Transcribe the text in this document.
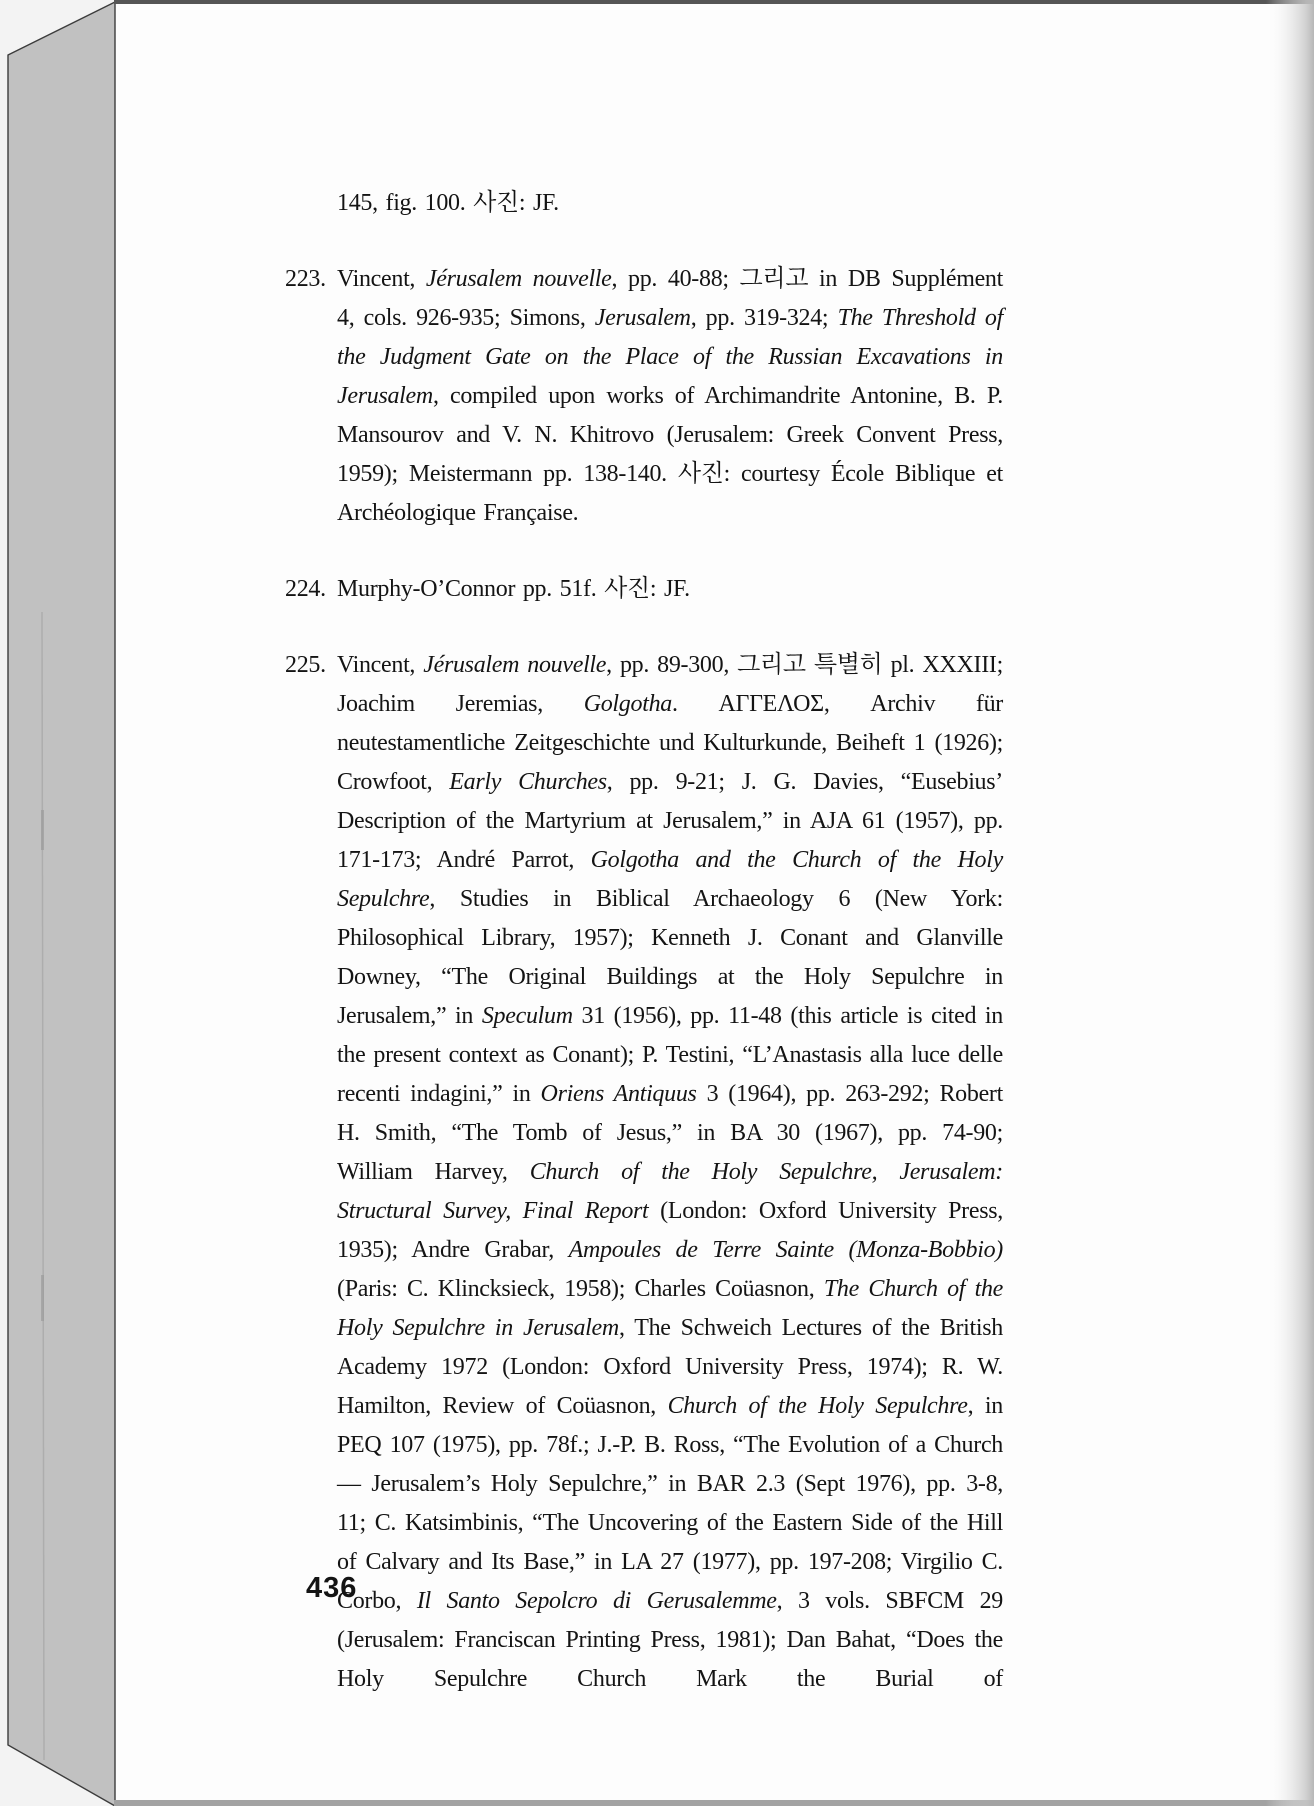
145, fig. 100. 사진: JF.

223. Vincent, Jérusalem nouvelle, pp. 40-88; 그리고 in DB Supplément 4, cols. 926-935; Simons, Jerusalem, pp. 319-324; The Threshold of the Judgment Gate on the Place of the Russian Excavations in Jerusalem, compiled upon works of Archimandrite Antonine, B. P. Mansourov and V. N. Khitrovo (Jerusalem: Greek Convent Press, 1959); Meistermann pp. 138-140. 사진: courtesy École Biblique et Archéologique Française.

224. Murphy-O’Connor pp. 51f. 사진: JF.

225. Vincent, Jérusalem nouvelle, pp. 89-300, 그리고 특별히 pl. XXXIII; Joachim Jeremias, Golgotha. ΑΓΓΕΛΟΣ, Archiv für neutestamentliche Zeitgeschichte und Kulturkunde, Beiheft 1 (1926); Crowfoot, Early Churches, pp. 9-21; J. G. Davies, “Eusebius’ Description of the Martyrium at Jerusalem,” in AJA 61 (1957), pp. 171-173; André Parrot, Golgotha and the Church of the Holy Sepulchre, Studies in Biblical Archaeology 6 (New York: Philosophical Library, 1957); Kenneth J. Conant and Glanville Downey, “The Original Buildings at the Holy Sepulchre in Jerusalem,” in Speculum 31 (1956), pp. 11-48 (this article is cited in the present context as Conant); P. Testini, “L’Anastasis alla luce delle recenti indagini,” in Oriens Antiquus 3 (1964), pp. 263-292; Robert H. Smith, “The Tomb of Jesus,” in BA 30 (1967), pp. 74-90; William Harvey, Church of the Holy Sepulchre, Jerusalem: Structural Survey, Final Report (London: Oxford University Press, 1935); Andre Grabar, Ampoules de Terre Sainte (Monza-Bobbio) (Paris: C. Klincksieck, 1958); Charles Coüasnon, The Church of the Holy Sepulchre in Jerusalem, The Schweich Lectures of the British Academy 1972 (London: Oxford University Press, 1974); R. W. Hamilton, Review of Coüasnon, Church of the Holy Sepulchre, in PEQ 107 (1975), pp. 78f.; J.-P. B. Ross, “The Evolution of a Church — Jerusalem’s Holy Sepulchre,” in BAR 2.3 (Sept 1976), pp. 3-8, 11; C. Katsimbinis, “The Uncovering of the Eastern Side of the Hill of Calvary and Its Base,” in LA 27 (1977), pp. 197-208; Virgilio C. Corbo, Il Santo Sepolcro di Gerusalemme, 3 vols. SBFCM 29 (Jerusalem: Franciscan Printing Press, 1981); Dan Bahat, “Does the Holy Sepulchre Church Mark the Burial of

436
